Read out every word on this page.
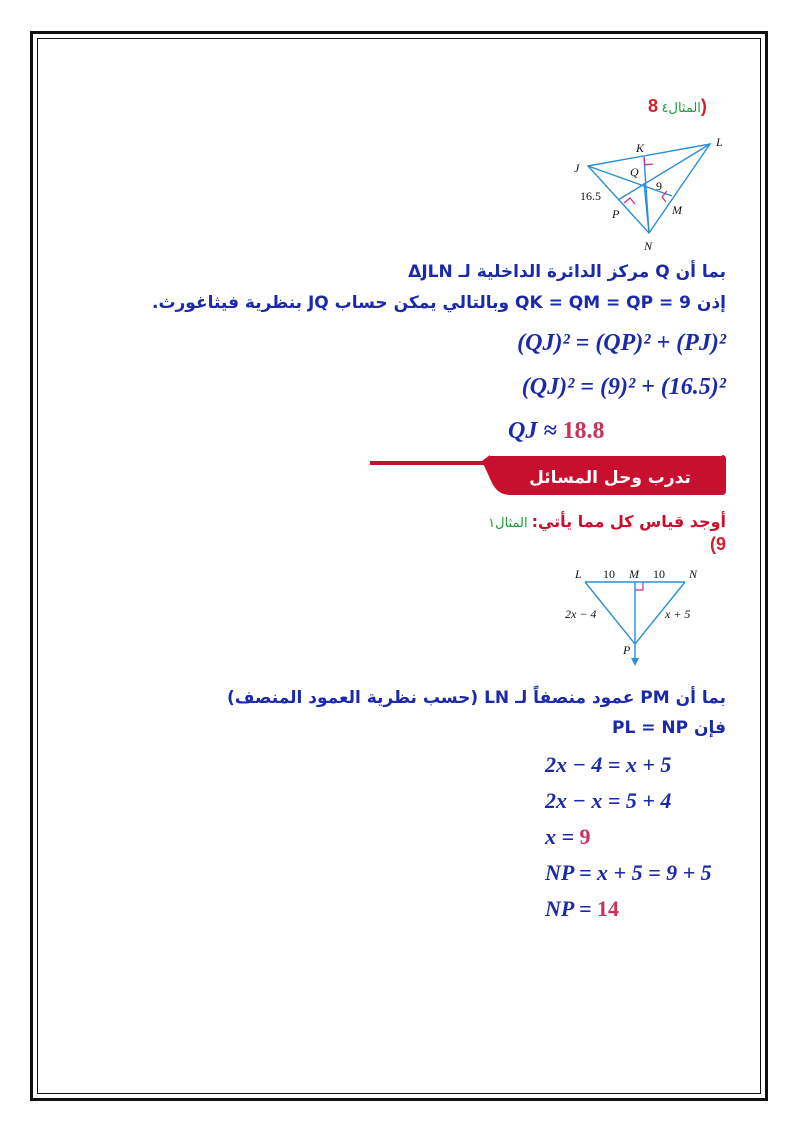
المثال٤ 8)
J
K	L
Q
9
16.5
P	M
N
بما أن Q مركز الدائرة الداخلية لـ ΔJLN
إذن QK = QM = QP = 9 وبالتالي يمكن حساب JQ بنظرية فيثاغورث.
(QJ)² = (QP)² + (PJ)²
(QJ)² = (9)² + (16.5)²
QJ ≈ 18.8
تدرب وحل المسائل
أوجد قياس كل مما يأتي: المثال١
(9
L 10 M 10 N
2x − 4	x + 5
P
بما أن PM عمود منصفاً لـ LN (حسب نظرية العمود المنصف)
فإن PL = NP
2x − 4 = x + 5
2x − x = 5 + 4
x = 9
NP = x + 5 = 9 + 5
NP = 14
